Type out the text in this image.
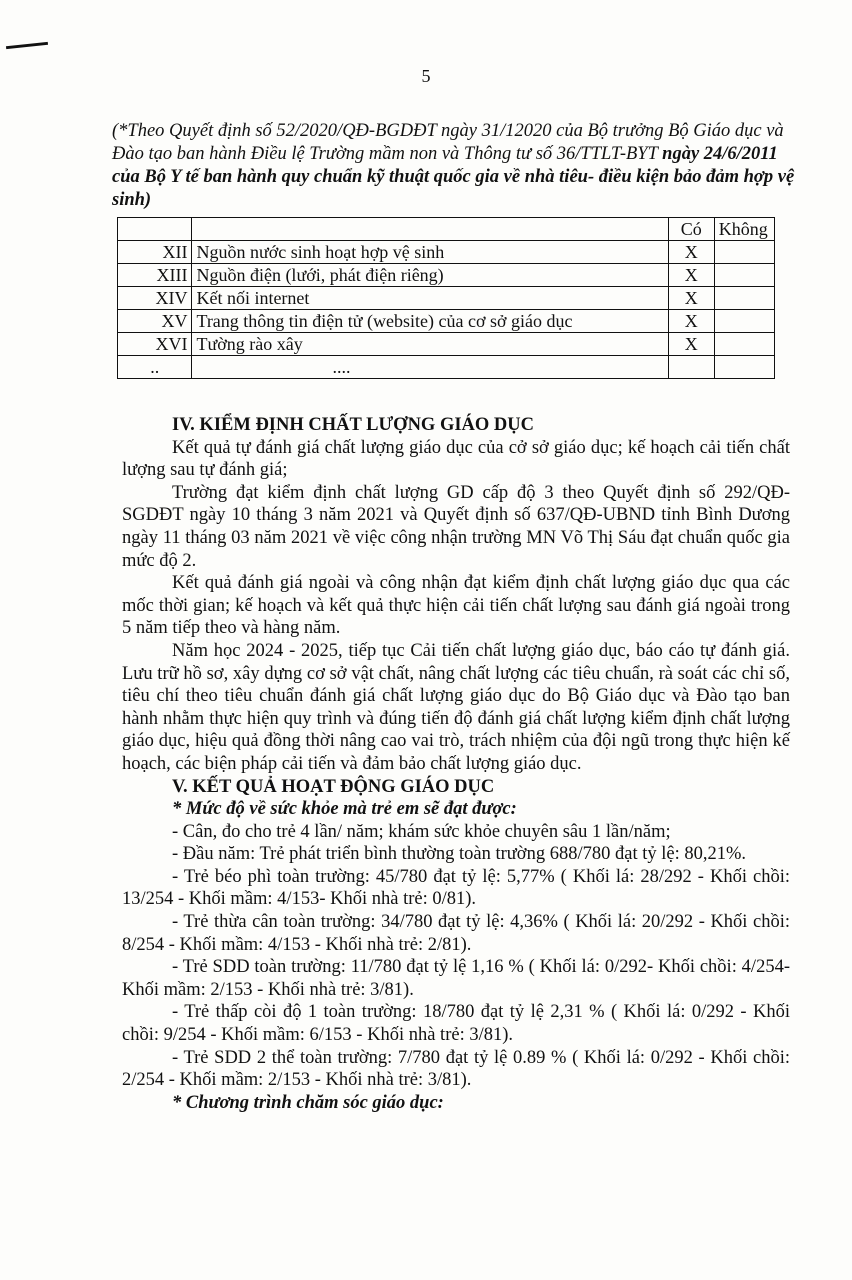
5
(*Theo Quyết định số 52/2020/QĐ-BGDĐT ngày 31/12020 của Bộ trưởng Bộ Giáo dục và Đào tạo ban hành Điều lệ Trường mầm non và Thông tư số 36/TTLT-BYT ngày 24/6/2011 của Bộ Y tế ban hành quy chuẩn kỹ thuật quốc gia về nhà tiêu- điều kiện bảo đảm hợp vệ sinh)
		Có	Không
XII	Nguồn nước sinh hoạt hợp vệ sinh	X	
XIII	Nguồn điện (lưới, phát điện riêng)	X	
XIV	Kết nối internet	X	
XV	Trang thông tin điện tử (website) của cơ sở giáo dục	X	
XVI	Tường rào xây	X	
..	....		

IV. KIỂM ĐỊNH CHẤT LƯỢNG GIÁO DỤC

Kết quả tự đánh giá chất lượng giáo dục của cở sở giáo dục; kế hoạch cải tiến chất lượng sau tự đánh giá;

Trường đạt kiểm định chất lượng GD cấp độ 3 theo Quyết định số 292/QĐ-SGDĐT ngày 10 tháng 3 năm 2021 và Quyết định số 637/QĐ-UBND tỉnh Bình Dương ngày 11 tháng 03 năm 2021 về việc công nhận trường MN Võ Thị Sáu đạt chuẩn quốc gia mức độ 2.

Kết quả đánh giá ngoài và công nhận đạt kiểm định chất lượng giáo dục qua các mốc thời gian; kế hoạch và kết quả thực hiện cải tiến chất lượng sau đánh giá ngoài trong 5 năm tiếp theo và hàng năm.

Năm học 2024 - 2025, tiếp tục Cải tiến chất lượng giáo dục, báo cáo tự đánh giá. Lưu trữ hồ sơ, xây dựng cơ sở vật chất, nâng chất lượng các tiêu chuẩn, rà soát các chỉ số, tiêu chí theo tiêu chuẩn đánh giá chất lượng giáo dục do Bộ Giáo dục và Đào tạo ban hành nhằm thực hiện quy trình và đúng tiến độ đánh giá chất lượng kiểm định chất lượng giáo dục, hiệu quả đồng thời nâng cao vai trò, trách nhiệm của đội ngũ trong thực hiện kế hoạch, các biện pháp cải tiến và đảm bảo chất lượng giáo dục.

V. KẾT QUẢ HOẠT ĐỘNG GIÁO DỤC

* Mức độ về sức khỏe mà trẻ em sẽ đạt được:

- Cân, đo cho trẻ 4 lần/ năm; khám sức khỏe chuyên sâu 1 lần/năm;

- Đầu năm: Trẻ phát triển bình thường toàn trường 688/780 đạt tỷ lệ: 80,21%.

- Trẻ béo phì toàn trường: 45/780 đạt tỷ lệ: 5,77% ( Khối lá: 28/292 - Khối chồi: 13/254 - Khối mầm: 4/153- Khối nhà trẻ: 0/81).

- Trẻ thừa cân toàn trường: 34/780 đạt tỷ lệ: 4,36% ( Khối lá: 20/292 - Khối chồi: 8/254 - Khối mầm: 4/153 - Khối nhà trẻ: 2/81).

- Trẻ SDD toàn trường: 11/780 đạt tỷ lệ 1,16 % ( Khối lá: 0/292- Khối chồi: 4/254- Khối mầm: 2/153 - Khối nhà trẻ: 3/81).

- Trẻ thấp còi độ 1 toàn trường: 18/780 đạt tỷ lệ 2,31 % ( Khối lá: 0/292 - Khối chồi: 9/254 - Khối mầm: 6/153 - Khối nhà trẻ: 3/81).

- Trẻ SDD 2 thể toàn trường: 7/780 đạt tỷ lệ 0.89 % ( Khối lá: 0/292 - Khối chồi: 2/254 - Khối mầm: 2/153 - Khối nhà trẻ: 3/81).

* Chương trình chăm sóc giáo dục:
